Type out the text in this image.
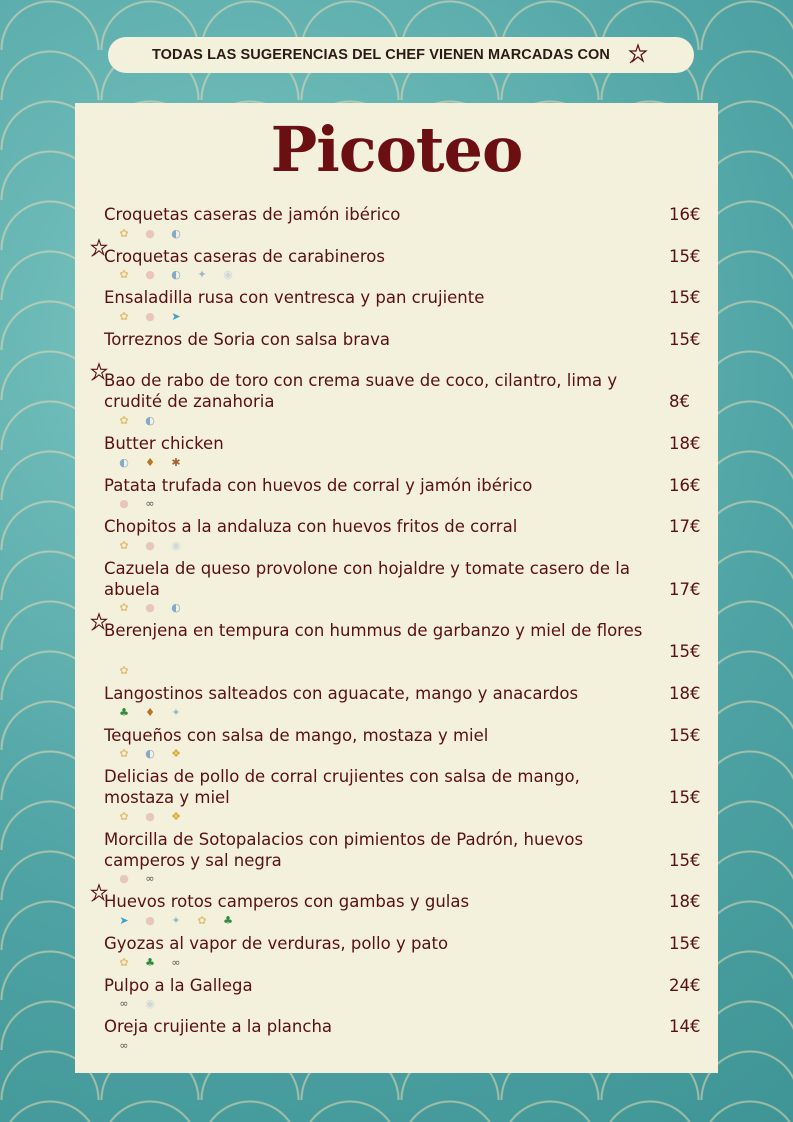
TODAS LAS SUGERENCIAS DEL CHEF VIENEN MARCADAS CON
Picoteo
Croquetas caseras de jamón ibérico	16€
✿	● ◐
Croquetas caseras de carabineros	15€
✿	● ◐	✦	◉
Ensaladilla rusa con ventresca y pan crujiente	15€
✿	●	➤
Torreznos de Soria con salsa brava	15€
Bao de rabo de toro con crema suave de coco, cilantro, lima y crudité de zanahoria	8€
✿	◐
Butter chicken	18€
◐ ♦	✱
Patata trufada con huevos de corral y jamón ibérico	16€
●	∞
Chopitos a la andaluza con huevos fritos de corral	17€
✿	● ◉
Cazuela de queso provolone con hojaldre y tomate casero de la abuela	17€
✿	● ◐
Berenjena en tempura con hummus de garbanzo y miel de flores
15€
✿
Langostinos salteados con aguacate, mango y anacardos	18€
♣ ♦	✦
Tequeños con salsa de mango, mostaza y miel	15€
✿	◐ ❖
Delicias de pollo de corral crujientes con salsa de mango, mostaza y miel	15€
✿	● ❖
Morcilla de Sotopalacios con pimientos de Padrón, huevos camperos y sal negra	15€
●	∞
Huevos rotos camperos con gambas y gulas	18€
➤	●	✦	✿	♣
Gyozas al vapor de verduras, pollo y pato	15€
✿	♣	∞
Pulpo a la Gallega	24€
∞	◉
Oreja crujiente a la plancha	14€
∞
